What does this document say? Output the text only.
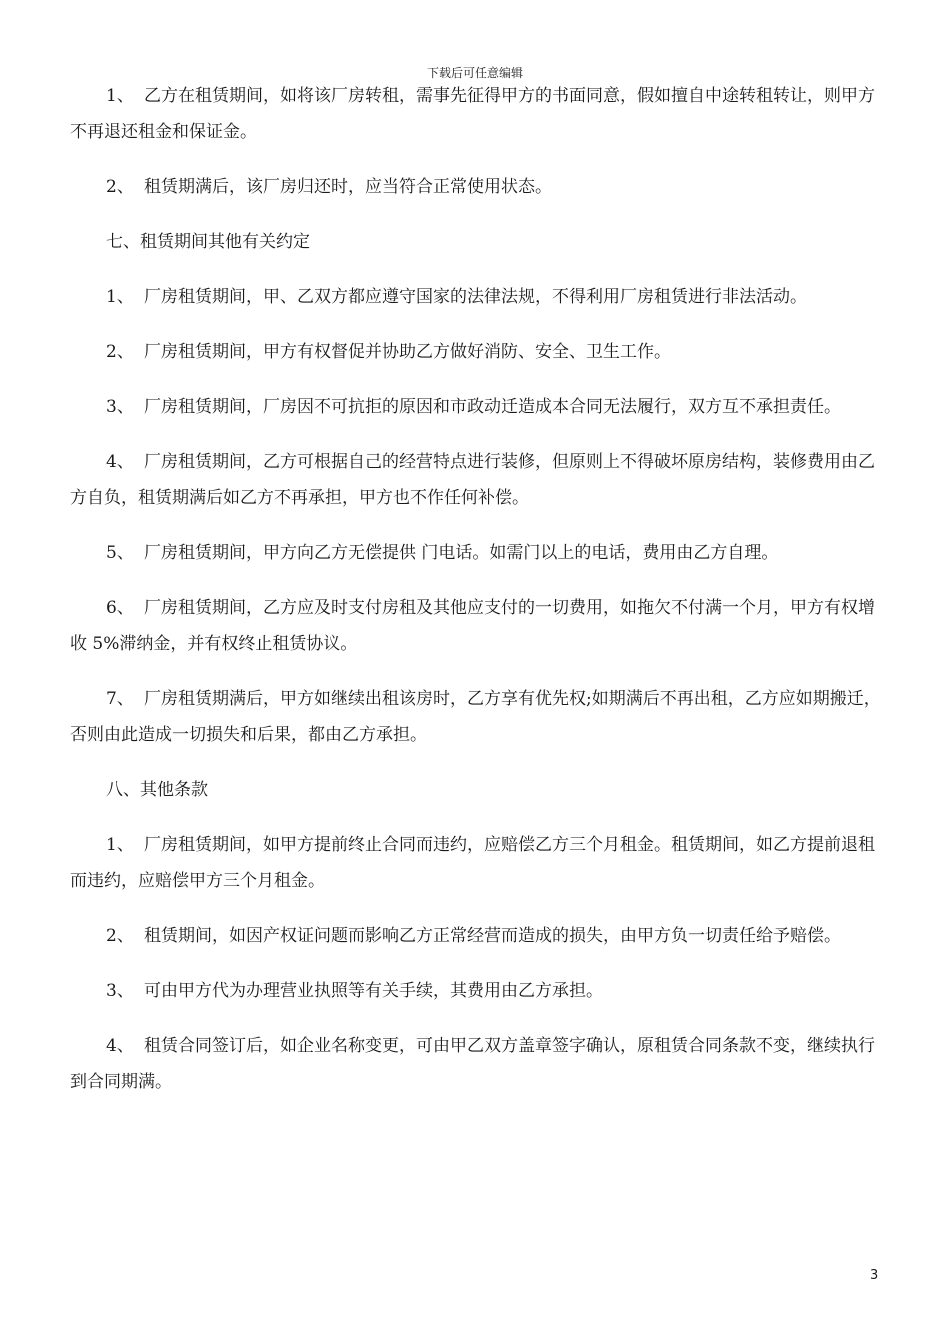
下载后可任意编辑

1、 乙方在租赁期间，如将该厂房转租，需事先征得甲方的书面同意，假如擅自中途转租转让，则甲方不再退还租金和保证金。

2、 租赁期满后，该厂房归还时，应当符合正常使用状态。

七、租赁期间其他有关约定

1、 厂房租赁期间，甲、乙双方都应遵守国家的法律法规，不得利用厂房租赁进行非法活动。

2、 厂房租赁期间，甲方有权督促并协助乙方做好消防、安全、卫生工作。

3、 厂房租赁期间，厂房因不可抗拒的原因和市政动迁造成本合同无法履行，双方互不承担责任。

4、 厂房租赁期间，乙方可根据自己的经营特点进行装修，但原则上不得破坏原房结构，装修费用由乙方自负，租赁期满后如乙方不再承担，甲方也不作任何补偿。

5、 厂房租赁期间，甲方向乙方无偿提供 门电话。如需门以上的电话，费用由乙方自理。

6、 厂房租赁期间，乙方应及时支付房租及其他应支付的一切费用，如拖欠不付满一个月，甲方有权增收 5%滞纳金，并有权终止租赁协议。

7、 厂房租赁期满后，甲方如继续出租该房时，乙方享有优先权;如期满后不再出租，乙方应如期搬迁，否则由此造成一切损失和后果，都由乙方承担。

八、其他条款

1、 厂房租赁期间，如甲方提前终止合同而违约，应赔偿乙方三个月租金。租赁期间，如乙方提前退租而违约，应赔偿甲方三个月租金。

2、 租赁期间，如因产权证问题而影响乙方正常经营而造成的损失，由甲方负一切责任给予赔偿。

3、 可由甲方代为办理营业执照等有关手续，其费用由乙方承担。

4、 租赁合同签订后，如企业名称变更，可由甲乙双方盖章签字确认，原租赁合同条款不变，继续执行到合同期满。

3
